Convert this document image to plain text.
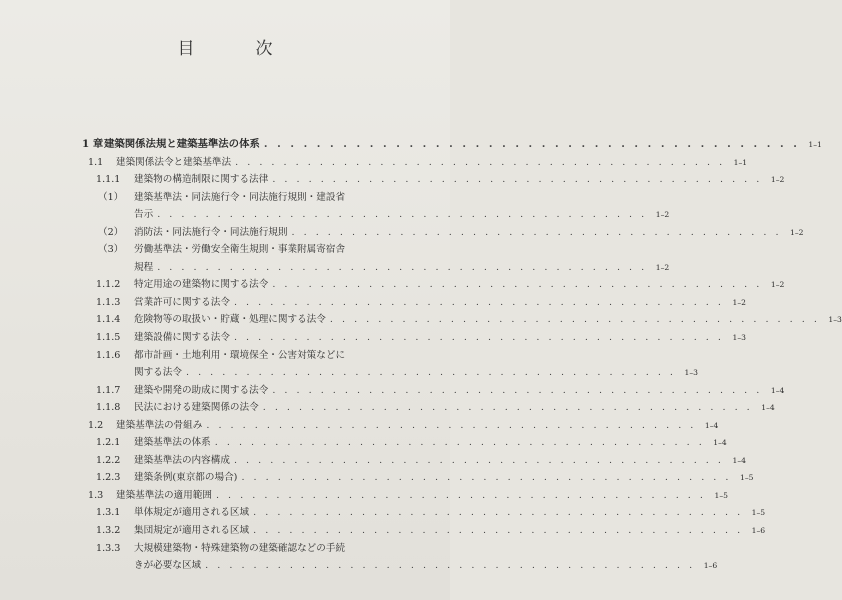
目　次
1 章 建築関係法規と建築基準法の体系 . . . . . . . . . . . . . . . . . . . . . . . . . . . . . . . . . . . . . . . . .	1–1
1.1	建築関係法令と建築基準法 . . . . . . . . . . . . . . . . . . . . . . . . . . . . . . . . . . . . . . . . .	1–1
1.1.1	建築物の構造制限に関する法律 . . . . . . . . . . . . . . . . . . . . . . . . . . . . . . . . . . . . . . . . .	1–2
（1）	建築基準法・同法施行令・同法施行規則・建設省
告示 . . . . . . . . . . . . . . . . . . . . . . . . . . . . . . . . . . . . . . . . .	1–2
（2）	消防法・同法施行令・同法施行規則 . . . . . . . . . . . . . . . . . . . . . . . . . . . . . . . . . . . . . . . . .	1–2
（3）	労働基準法・労働安全衛生規則・事業附属寄宿舎
規程 . . . . . . . . . . . . . . . . . . . . . . . . . . . . . . . . . . . . . . . . .	1–2
1.1.2	特定用途の建築物に関する法令 . . . . . . . . . . . . . . . . . . . . . . . . . . . . . . . . . . . . . . . . .	1–2
1.1.3	営業許可に関する法令 . . . . . . . . . . . . . . . . . . . . . . . . . . . . . . . . . . . . . . . . .	1–2
1.1.4	危険物等の取扱い・貯蔵・処理に関する法令 . . . . . . . . . . . . . . . . . . . . . . . . . . . . . . . . . . . . . . . . .	1–3
1.1.5	建築設備に関する法令 . . . . . . . . . . . . . . . . . . . . . . . . . . . . . . . . . . . . . . . . .	1–3
1.1.6	都市計画・土地利用・環境保全・公害対策などに
関する法令 . . . . . . . . . . . . . . . . . . . . . . . . . . . . . . . . . . . . . . . . .	1–3
1.1.7	建築や開発の助成に関する法令 . . . . . . . . . . . . . . . . . . . . . . . . . . . . . . . . . . . . . . . . .	1–4
1.1.8	民法における建築関係の法令 . . . . . . . . . . . . . . . . . . . . . . . . . . . . . . . . . . . . . . . . .	1–4
1.2	建築基準法の骨組み . . . . . . . . . . . . . . . . . . . . . . . . . . . . . . . . . . . . . . . . .	1–4
1.2.1	建築基準法の体系 . . . . . . . . . . . . . . . . . . . . . . . . . . . . . . . . . . . . . . . . .	1–4
1.2.2	建築基準法の内容構成 . . . . . . . . . . . . . . . . . . . . . . . . . . . . . . . . . . . . . . . . .	1–4
1.2.3	建築条例(東京都の場合) . . . . . . . . . . . . . . . . . . . . . . . . . . . . . . . . . . . . . . . . .	1–5
1.3	建築基準法の適用範囲 . . . . . . . . . . . . . . . . . . . . . . . . . . . . . . . . . . . . . . . . .	1–5
1.3.1	単体規定が適用される区域 . . . . . . . . . . . . . . . . . . . . . . . . . . . . . . . . . . . . . . . . .	1–5
1.3.2	集団規定が適用される区域 . . . . . . . . . . . . . . . . . . . . . . . . . . . . . . . . . . . . . . . . .	1–6
1.3.3	大規模建築物・特殊建築物の建築確認などの手続
きが必要な区域 . . . . . . . . . . . . . . . . . . . . . . . . . . . . . . . . . . . . . . . . .	1–6
